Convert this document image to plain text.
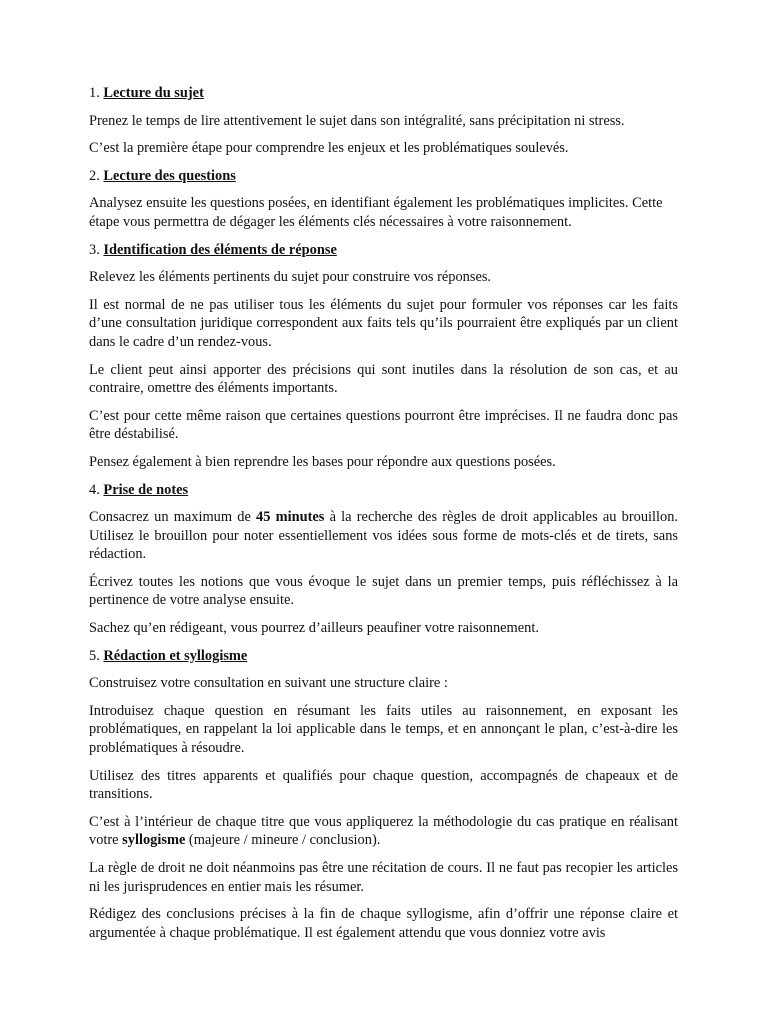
1. Lecture du sujet

Prenez le temps de lire attentivement le sujet dans son intégralité, sans précipitation ni stress.

C’est la première étape pour comprendre les enjeux et les problématiques soulevés.

2. Lecture des questions

Analysez ensuite les questions posées, en identifiant également les problématiques implicites. Cette étape vous permettra de dégager les éléments clés nécessaires à votre raisonnement.

3. Identification des éléments de réponse

Relevez les éléments pertinents du sujet pour construire vos réponses.

Il est normal de ne pas utiliser tous les éléments du sujet pour formuler vos réponses car les faits d’une consultation juridique correspondent aux faits tels qu’ils pourraient être expliqués par un client dans le cadre d’un rendez-vous.

Le client peut ainsi apporter des précisions qui sont inutiles dans la résolution de son cas, et au contraire, omettre des éléments importants.

C’est pour cette même raison que certaines questions pourront être imprécises. Il ne faudra donc pas être déstabilisé.

Pensez également à bien reprendre les bases pour répondre aux questions posées.

4. Prise de notes

Consacrez un maximum de 45 minutes à la recherche des règles de droit applicables au brouillon. Utilisez le brouillon pour noter essentiellement vos idées sous forme de mots-clés et de tirets, sans rédaction.

Écrivez toutes les notions que vous évoque le sujet dans un premier temps, puis réfléchissez à la pertinence de votre analyse ensuite.

Sachez qu’en rédigeant, vous pourrez d’ailleurs peaufiner votre raisonnement.

5. Rédaction et syllogisme

Construisez votre consultation en suivant une structure claire :

Introduisez chaque question en résumant les faits utiles au raisonnement, en exposant les problématiques, en rappelant la loi applicable dans le temps, et en annonçant le plan, c’est-à-dire les problématiques à résoudre.

Utilisez des titres apparents et qualifiés pour chaque question, accompagnés de chapeaux et de transitions.

C’est à l’intérieur de chaque titre que vous appliquerez la méthodologie du cas pratique en réalisant votre syllogisme (majeure / mineure / conclusion).

La règle de droit ne doit néanmoins pas être une récitation de cours. Il ne faut pas recopier les articles ni les jurisprudences en entier mais les résumer.

Rédigez des conclusions précises à la fin de chaque syllogisme, afin d’offrir une réponse claire et argumentée à chaque problématique. Il est également attendu que vous donniez votre avis
